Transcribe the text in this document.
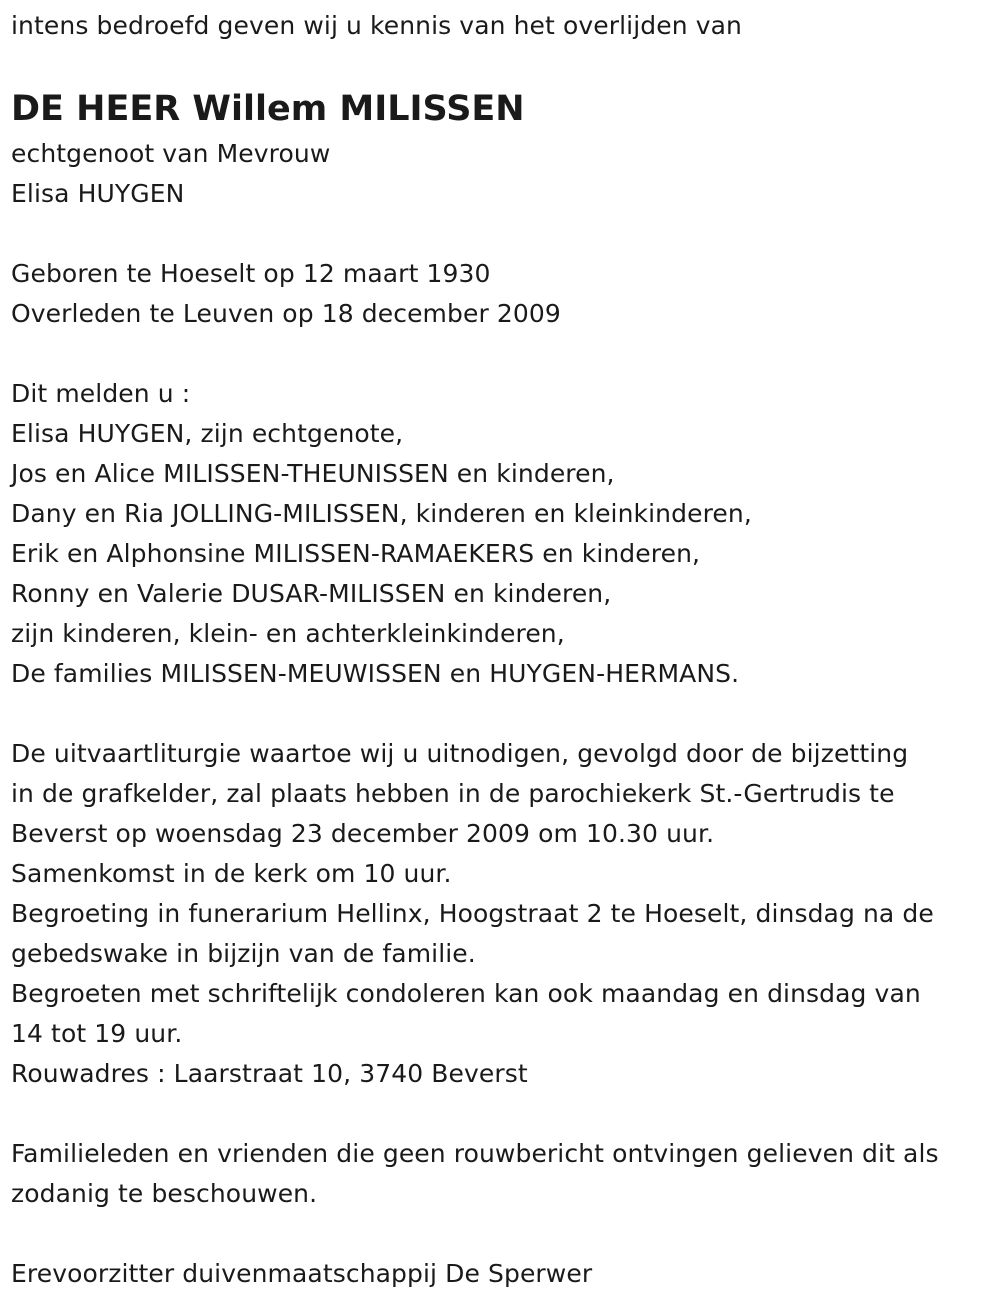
intens bedroefd geven wij u kennis van het overlijden van
DE HEER Willem MILISSEN
echtgenoot van Mevrouw
Elisa HUYGEN
Geboren te Hoeselt op 12 maart 1930
Overleden te Leuven op 18 december 2009
Dit melden u :
Elisa HUYGEN, zijn echtgenote,
Jos en Alice MILISSEN-THEUNISSEN en kinderen,
Dany en Ria JOLLING-MILISSEN, kinderen en kleinkinderen,
Erik en Alphonsine MILISSEN-RAMAEKERS en kinderen,
Ronny en Valerie DUSAR-MILISSEN en kinderen,
zijn kinderen, klein- en achterkleinkinderen,
De families MILISSEN-MEUWISSEN en HUYGEN-HERMANS.
De uitvaartliturgie waartoe wij u uitnodigen, gevolgd door de bijzetting
in de grafkelder, zal plaats hebben in de parochiekerk St.-Gertrudis te
Beverst op woensdag 23 december 2009 om 10.30 uur.
Samenkomst in de kerk om 10 uur.
Begroeting in funerarium Hellinx, Hoogstraat 2 te Hoeselt, dinsdag na de
gebedswake in bijzijn van de familie.
Begroeten met schriftelijk condoleren kan ook maandag en dinsdag van
14 tot 19 uur.
Rouwadres : Laarstraat 10, 3740 Beverst
Familieleden en vrienden die geen rouwbericht ontvingen gelieven dit als
zodanig te beschouwen.
Erevoorzitter duivenmaatschappij De Sperwer
